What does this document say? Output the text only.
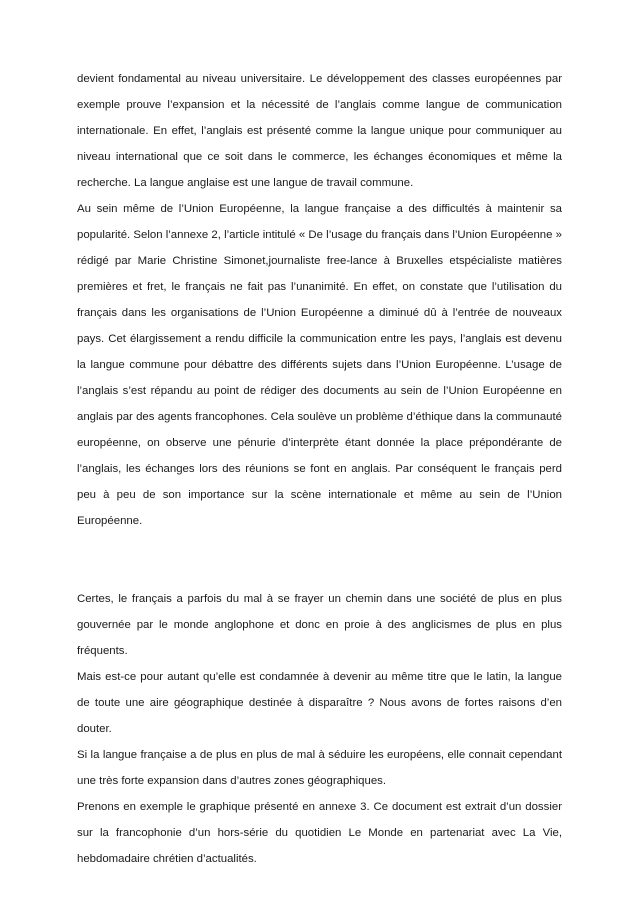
devient fondamental au niveau universitaire. Le développement des classes européennes par exemple prouve l’expansion et la nécessité de l’anglais comme langue de communication internationale. En effet, l’anglais est présenté comme la langue unique pour communiquer au niveau international que ce soit dans le commerce, les échanges économiques et même la recherche. La langue anglaise est une langue de travail commune.

Au sein même de l’Union Européenne, la langue française a des difficultés à maintenir sa popularité. Selon l’annexe 2, l’article intitulé « De l’usage du français dans l’Union Européenne » rédigé par Marie Christine Simonet,journaliste free-lance à Bruxelles etspécialiste matières premières et fret, le français ne fait pas l’unanimité. En effet, on constate que l’utilisation du français dans les organisations de l’Union Européenne a diminué dû à l’entrée de nouveaux pays. Cet élargissement a rendu difficile la communication entre les pays, l’anglais est devenu la langue commune pour débattre des différents sujets dans l’Union Européenne. L’usage de l’anglais s’est répandu au point de rédiger des documents au sein de l’Union Européenne en anglais par des agents francophones. Cela soulève un problème d’éthique dans la communauté européenne, on observe une pénurie d’interprète étant donnée la place prépondérante de l’anglais, les échanges lors des réunions se font en anglais. Par conséquent le français perd peu à peu de son importance sur la scène internationale et même au sein de l’Union Européenne.

Certes, le français a parfois du mal à se frayer un chemin dans une société de plus en plus gouvernée par le monde anglophone et donc en proie à des anglicismes de plus en plus fréquents.

Mais est-ce pour autant qu’elle est condamnée à devenir au même titre que le latin, la langue de toute une aire géographique destinée à disparaître ? Nous avons de fortes raisons d’en douter.

Si la langue française a de plus en plus de mal à séduire les européens, elle connait cependant une très forte expansion dans d’autres zones géographiques.

Prenons en exemple le graphique présenté en annexe 3. Ce document est extrait d’un dossier sur la francophonie d’un hors-série du quotidien Le Monde en partenariat avec La Vie, hebdomadaire chrétien d’actualités.
